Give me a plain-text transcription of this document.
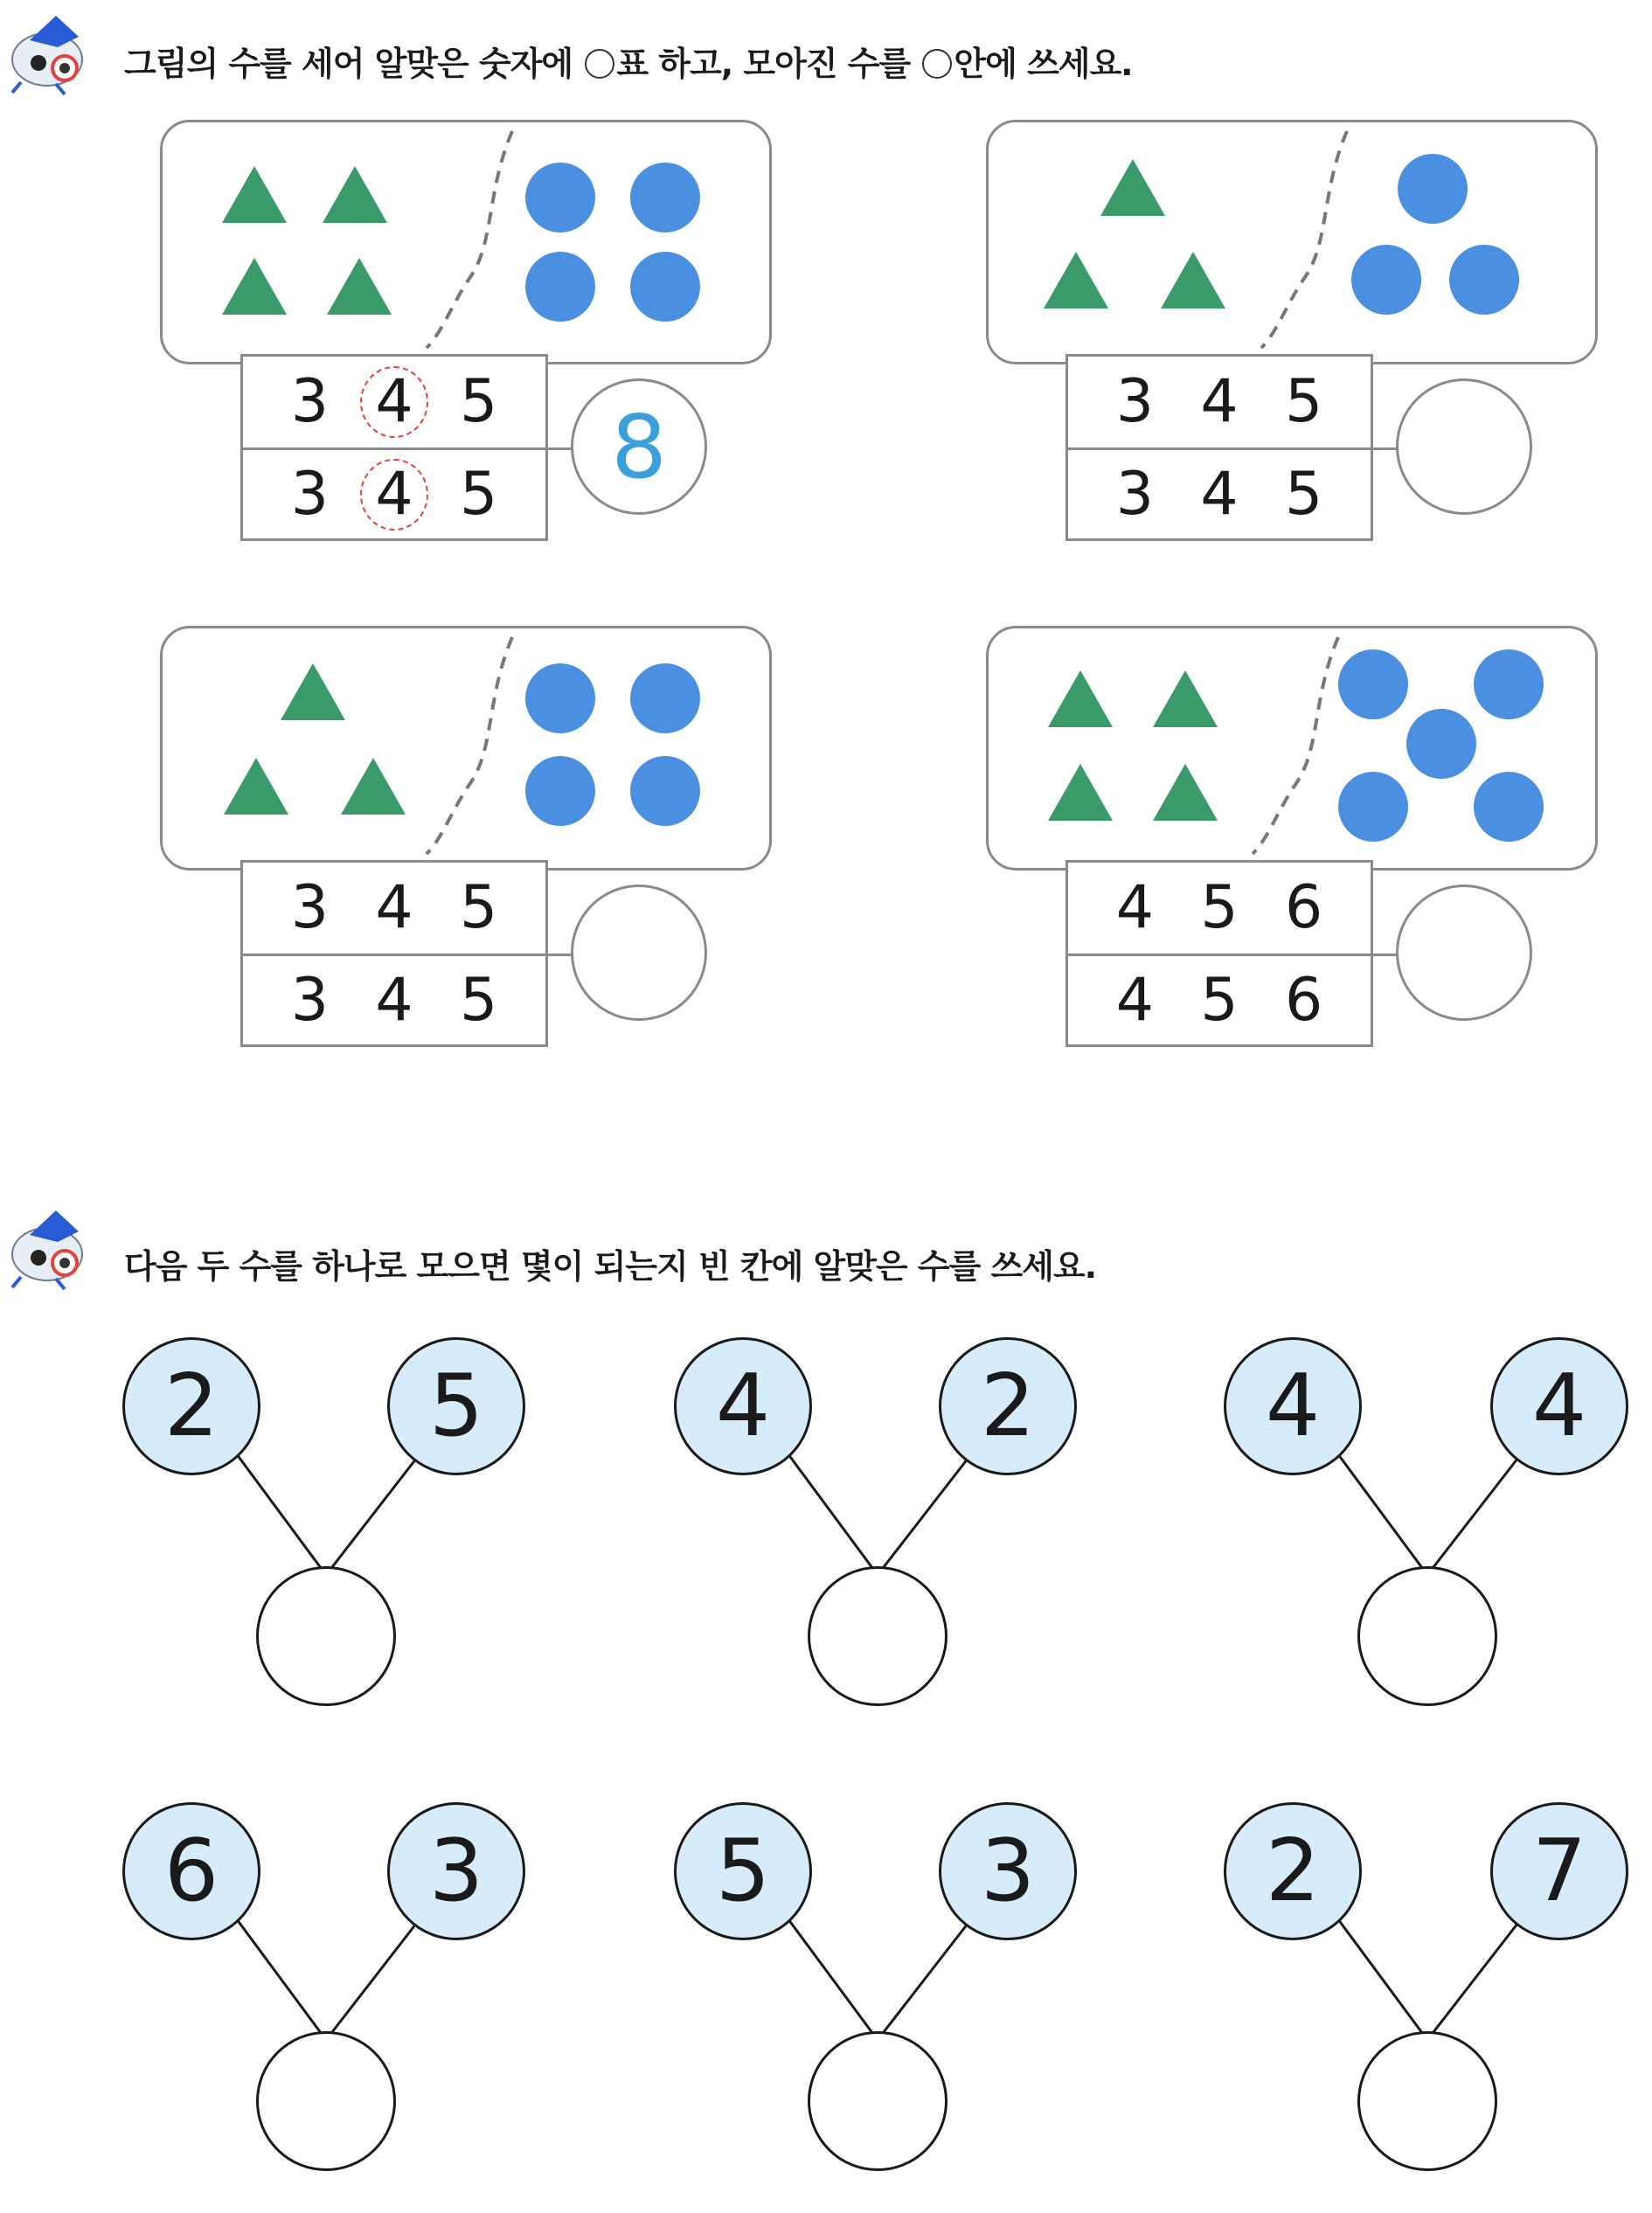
그림의 수를 세어 알맞은 숫자에 표 하고, 모아진 수를 안에 쓰세요.
3 4 5
3 4 5 8	3 4 5
3 4 5
3 4 5
3 4 5
4 5 6
4 5 6
다음 두 수를 하나로 모으면 몇이 되는지 빈 칸에 알맞은 수를 쓰세요.
2	5	4	2	4	4
6	3	5	3	2	7
